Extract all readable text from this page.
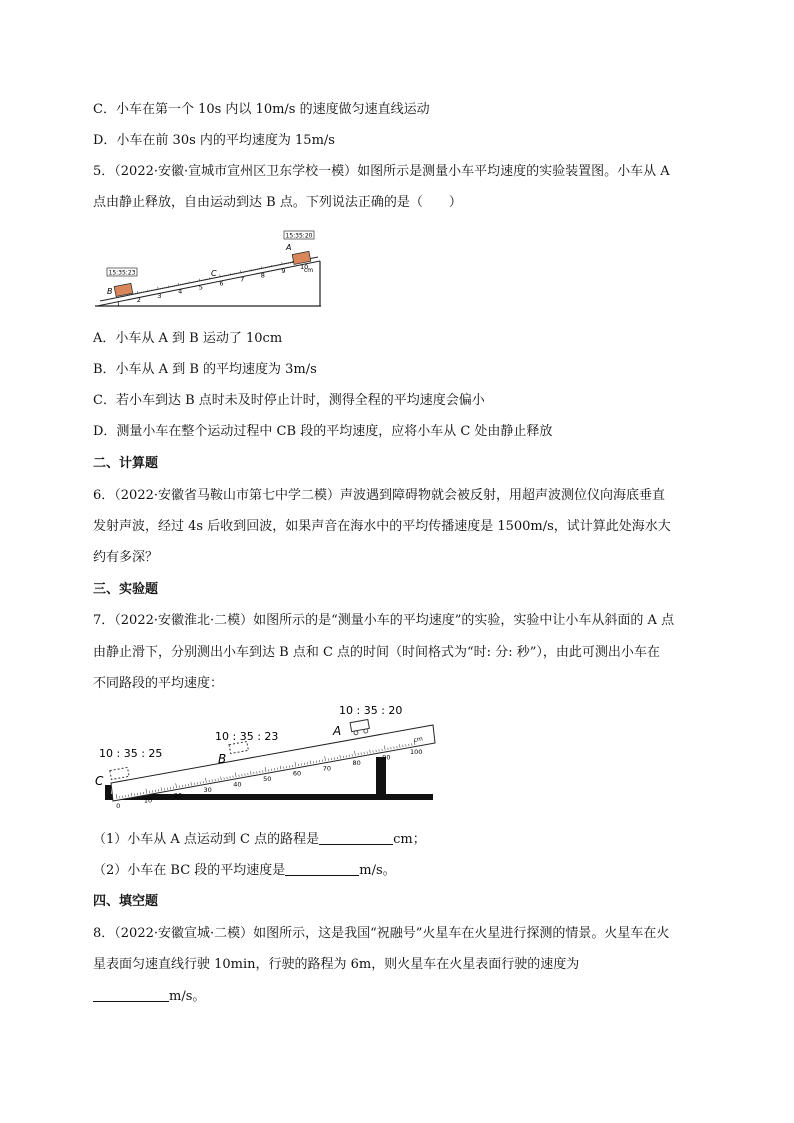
C．小车在第一个 10s 内以 10m/s 的速度做匀速直线运动
D．小车在前 30s 内的平均速度为 15m/s
5．（2022·安徽·宣城市宣州区卫东学校一模）如图所示是测量小车平均速度的实验装置图。小车从 A
点由静止释放，自由运动到达 B 点。下列说法正确的是（　　）
1
2
3
4
5
6
7
8
9
10
15:35:23
15:35:20
B
A
C	cm
A．小车从 A 到 B 运动了 10cm
B．小车从 A 到 B 的平均速度为 3m/s
C．若小车到达 B 点时未及时停止计时，测得全程的平均速度会偏小
D．测量小车在整个运动过程中 CB 段的平均速度，应将小车从 C 处由静止释放
二、计算题
6．（2022·安徽省马鞍山市第七中学二模）声波遇到障碍物就会被反射，用超声波测位仪向海底垂直
发射声波，经过 4s 后收到回波，如果声音在海水中的平均传播速度是 1500m/s，试计算此处海水大
约有多深？
三、实验题
7．（2022·安徽淮北·二模）如图所示的是“测量小车的平均速度”的实验，实验中让小车从斜面的 A 点
由静止滑下，分别测出小车到达 B 点和 C 点的时间（时间格式为“时: 分: 秒”），由此可测出小车在
不同路段的平均速度：
0
10
20
30
40
50
60
70
80
90
100
10 : 35 : 20
10 : 35 : 23
10 : 35 : 25
A
B
C
cm
（1）小车从 A 点运动到 C 点的路程是	cm；
（2）小车在 BC 段的平均速度是	m/s。
四、填空题
8．（2022·安徽宣城·二模）如图所示，这是我国“祝融号”火星车在火星进行探测的情景。火星车在火
星表面匀速直线行驶 10min，行驶的路程为 6m，则火星车在火星表面行驶的速度为
m/s。
